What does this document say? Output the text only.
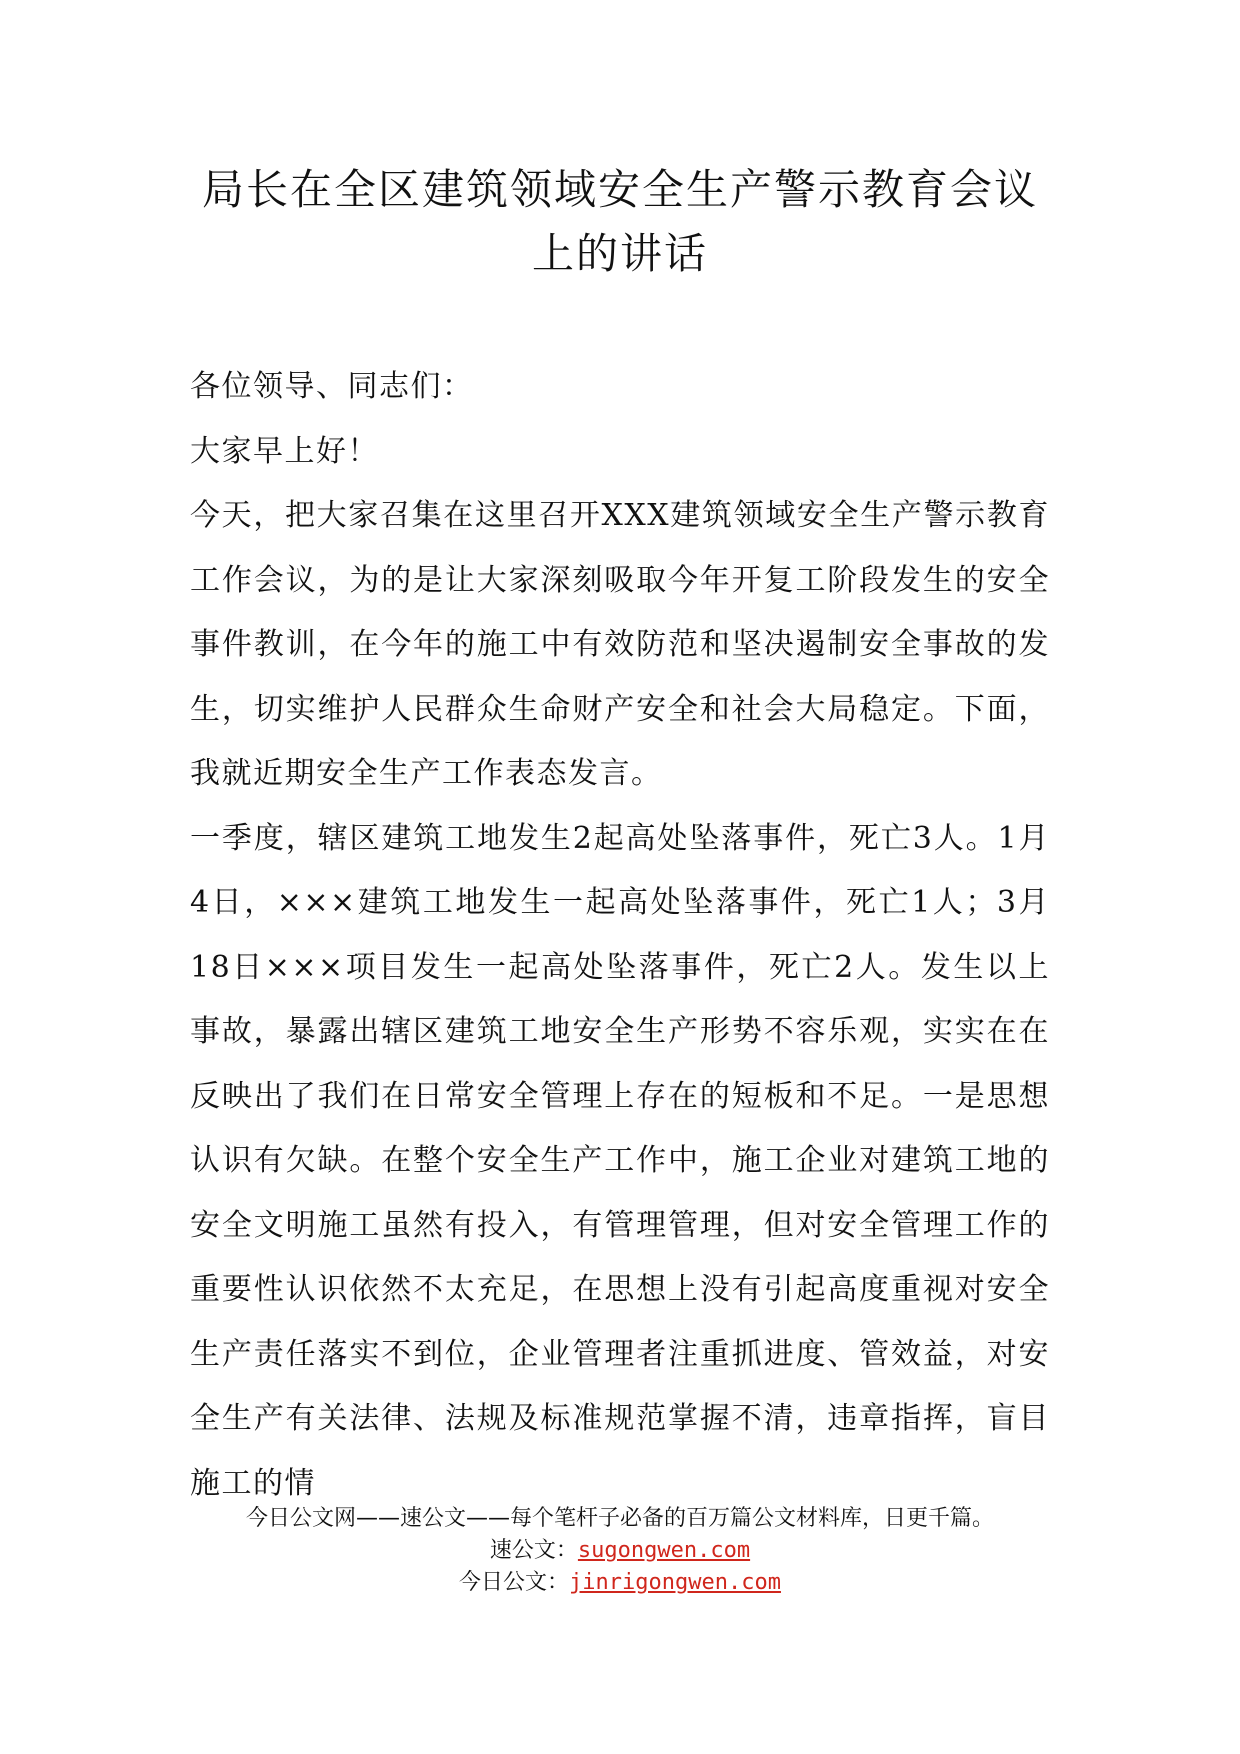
局长在全区建筑领域安全生产警示教育会议上的讲话

各位领导、同志们：

大家早上好！

今天，把大家召集在这里召开XXX建筑领域安全生产警示教育工作会议，为的是让大家深刻吸取今年开复工阶段发生的安全事件教训，在今年的施工中有效防范和坚决遏制安全事故的发生，切实维护人民群众生命财产安全和社会大局稳定。下面，我就近期安全生产工作表态发言。

一季度，辖区建筑工地发生2起高处坠落事件，死亡3人。1月4日，×××建筑工地发生一起高处坠落事件，死亡1人；3月18日×××项目发生一起高处坠落事件，死亡2人。发生以上事故，暴露出辖区建筑工地安全生产形势不容乐观，实实在在反映出了我们在日常安全管理上存在的短板和不足。一是思想认识有欠缺。在整个安全生产工作中，施工企业对建筑工地的安全文明施工虽然有投入，有管理管理，但对安全管理工作的重要性认识依然不太充足，在思想上没有引起高度重视对安全生产责任落实不到位，企业管理者注重抓进度、管效益，对安全生产有关法律、法规及标准规范掌握不清，违章指挥，盲目施工的情

今日公文网——速公文——每个笔杆子必备的百万篇公文材料库，日更千篇。

速公文：sugongwen.com

今日公文：jinrigongwen.com
